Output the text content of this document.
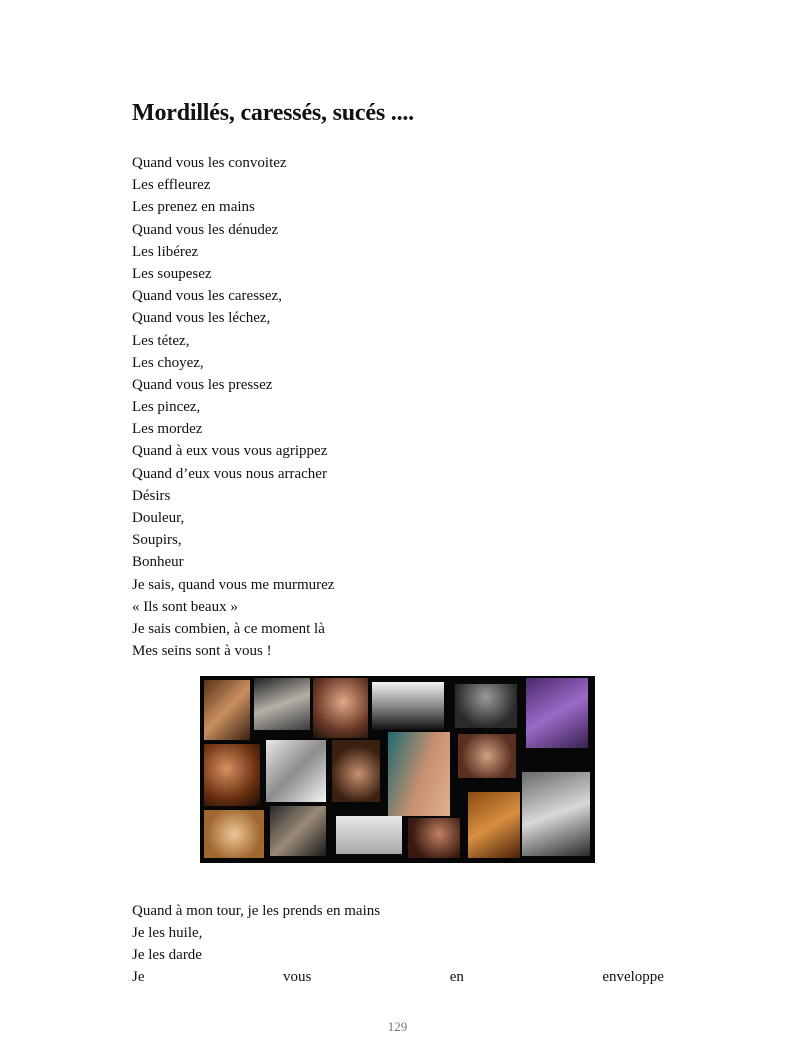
Mordillés, caressés, sucés ....
Quand vous les convoitez
Les effleurez
Les prenez en mains
Quand vous les dénudez
Les libérez
Les soupesez
Quand vous les caressez,
Quand vous les léchez,
Les tétez,
Les choyez,
Quand vous les pressez
Les pincez,
Les mordez
Quand à eux vous vous agrippez
Quand d’eux vous nous arracher
Désirs
Douleur,
Soupirs,
Bonheur
Je sais, quand vous me murmurez
« Ils sont beaux »
Je sais combien, à ce moment là
Mes seins sont à vous !
Quand à mon tour, je les prends en mains
Je les huile,
Je les darde
Je	vous	en	enveloppe
129
